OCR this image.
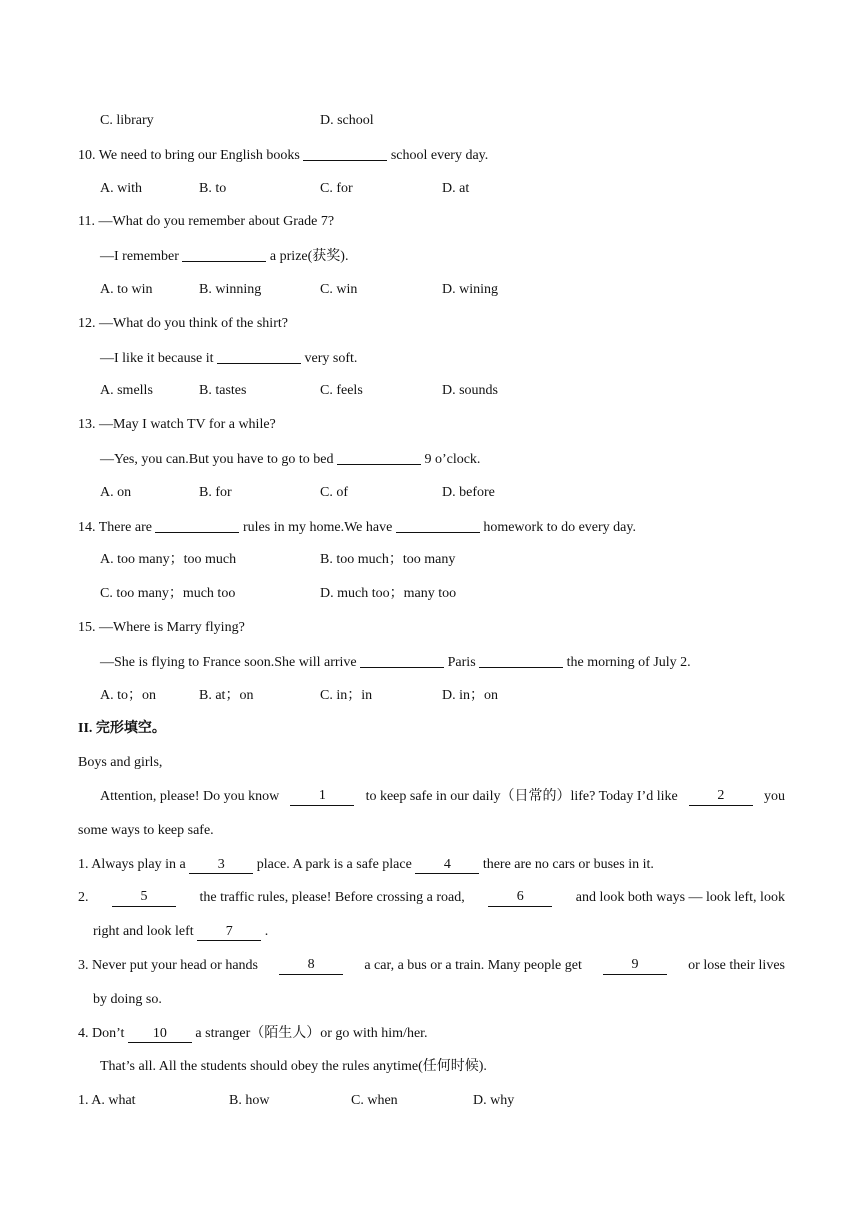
C. library	D. school
10. We need to bring our English books	school every day.
A. with	B. to	C. for	D. at
11. —What do you remember about Grade 7?
—I remember	a prize(获奖).
A. to win	B. winning	C. win	D. wining
12. —What do you think of the shirt?
—I like it because it	very soft.
A. smells	B. tastes	C. feels	D. sounds
13. —May I watch TV for a while?
—Yes, you can.But you have to go to bed	9 o’clock.
A. on	B. for	C. of	D. before
14. There are	rules in my home.We have	homework to do every day.
A. too many；too much	B. too much；too many
C. too many；much too	D. much too；many too
15. —Where is Marry flying?
—She is flying to France soon.She will arrive	Paris	the morning of July 2.
A. to；on	B. at；on	C. in；in	D. in；on
II. 完形填空。
Boys and girls,
Attention, please! Do you know	1	to keep safe in our daily（日常的）life? Today I’d like	2	you
some ways to keep safe.
1. Always play in a 3 place. A park is a safe place 4 there are no cars or buses in it.
2.	5	the traffic rules, please! Before crossing a road,	6	and look both ways — look left, look
right and look left 7 .
3. Never put your head or hands	8	a car, a bus or a train. Many people get	9	or lose their lives
by doing so.
4. Don’t 10 a stranger（陌生人）or go with him/her.
That’s all. All the students should obey the rules anytime(任何时候).
1. A. what	B. how	C. when	D. why
